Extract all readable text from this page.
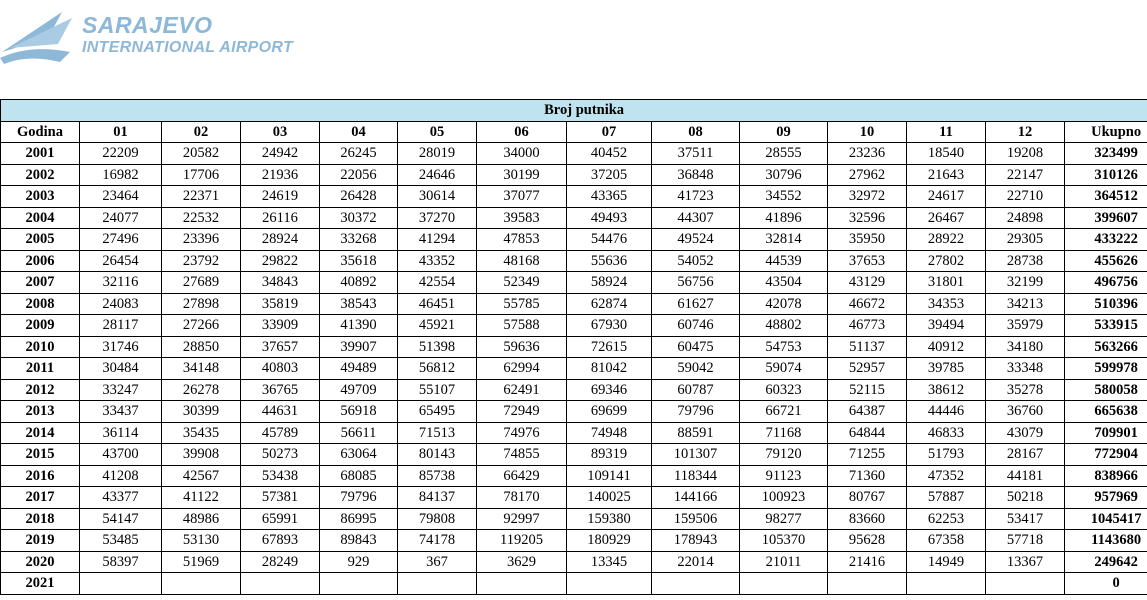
SARAJEVO
INTERNATIONAL AIRPORT
Broj putnika													
Godina	01	02	03	04	05	06	07	08	09	10	11	12	Ukupno
2001	22209	20582	24942	26245	28019	34000	40452	37511	28555	23236	18540	19208	323499
2002	16982	17706	21936	22056	24646	30199	37205	36848	30796	27962	21643	22147	310126
2003	23464	22371	24619	26428	30614	37077	43365	41723	34552	32972	24617	22710	364512
2004	24077	22532	26116	30372	37270	39583	49493	44307	41896	32596	26467	24898	399607
2005	27496	23396	28924	33268	41294	47853	54476	49524	32814	35950	28922	29305	433222
2006	26454	23792	29822	35618	43352	48168	55636	54052	44539	37653	27802	28738	455626
2007	32116	27689	34843	40892	42554	52349	58924	56756	43504	43129	31801	32199	496756
2008	24083	27898	35819	38543	46451	55785	62874	61627	42078	46672	34353	34213	510396
2009	28117	27266	33909	41390	45921	57588	67930	60746	48802	46773	39494	35979	533915
2010	31746	28850	37657	39907	51398	59636	72615	60475	54753	51137	40912	34180	563266
2011	30484	34148	40803	49489	56812	62994	81042	59042	59074	52957	39785	33348	599978
2012	33247	26278	36765	49709	55107	62491	69346	60787	60323	52115	38612	35278	580058
2013	33437	30399	44631	56918	65495	72949	69699	79796	66721	64387	44446	36760	665638
2014	36114	35435	45789	56611	71513	74976	74948	88591	71168	64844	46833	43079	709901
2015	43700	39908	50273	63064	80143	74855	89319	101307	79120	71255	51793	28167	772904
2016	41208	42567	53438	68085	85738	66429	109141	118344	91123	71360	47352	44181	838966
2017	43377	41122	57381	79796	84137	78170	140025	144166	100923	80767	57887	50218	957969
2018	54147	48986	65991	86995	79808	92997	159380	159506	98277	83660	62253	53417	1045417
2019	53485	53130	67893	89843	74178	119205	180929	178943	105370	95628	67358	57718	1143680
2020	58397	51969	28249	929	367	3629	13345	22014	21011	21416	14949	13367	249642
2021													0
